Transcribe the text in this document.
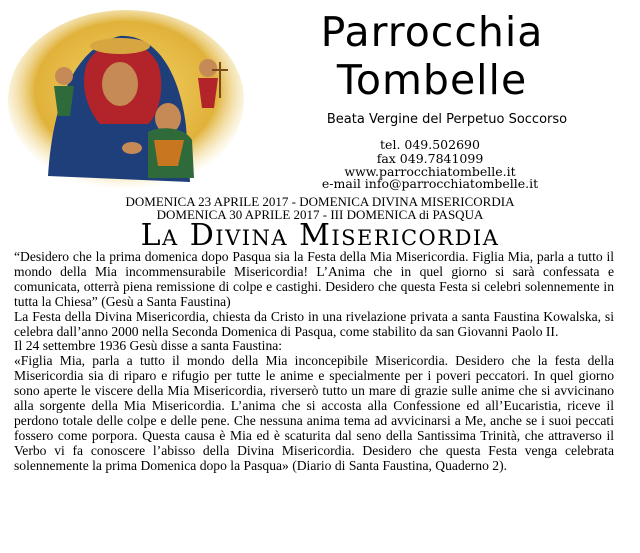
Parrocchia
Tombelle
Beata Vergine del Perpetuo Soccorso
tel. 049.502690
fax 049.7841099
www.parrocchiatombelle.it
e-mail info@parrocchiatombelle.it
DOMENICA 23 APRILE 2017 - DOMENICA DIVINA MISERICORDIA
DOMENICA 30 APRILE 2017 - III DOMENICA di PASQUA
La Divina Misericordia

“Desidero che la prima domenica dopo Pasqua sia la Festa della Mia Misericordia. Figlia Mia, parla a tutto il mondo della Mia incommensurabile Misericordia! L’Anima che in quel giorno si sarà confessata e comunicata, otterrà piena remissione di colpe e castighi. Desidero che questa Festa si celebri solennemente in tutta la Chiesa” (Gesù a Santa Faustina)

La Festa della Divina Misericordia, chiesta da Cristo in una rivelazione privata a santa Faustina Kowalska, si celebra dall’anno 2000 nella Seconda Domenica di Pasqua, come stabilito da san Giovanni Paolo II.

Il 24 settembre 1936 Gesù disse a santa Faustina:

«Figlia Mia, parla a tutto il mondo della Mia inconcepibile Misericordia. Desidero che la festa della Misericordia sia di riparo e rifugio per tutte le anime e specialmente per i poveri peccatori. In quel giorno sono aperte le viscere della Mia Misericordia, riverserò tutto un mare di grazie sulle anime che si avvicinano alla sorgente della Mia Misericordia. L’anima che si accosta alla Confessione ed all’Eucaristia, riceve il perdono totale delle colpe e delle pene. Che nessuna anima tema ad avvicinarsi a Me, anche se i suoi peccati fossero come porpora. Questa causa è Mia ed è scaturita dal seno della Santissima Trinità, che attraverso il Verbo vi fa conoscere l’abisso della Divina Misericordia. Desidero che questa Festa venga celebrata solennemente la prima Domenica dopo la Pasqua» (Diario di Santa Faustina, Quaderno 2).
